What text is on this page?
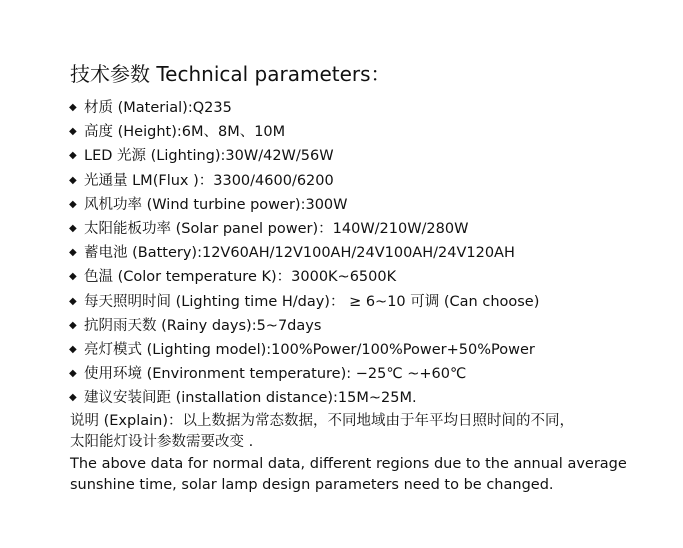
技术参数 Technical parameters：
◆ 材质 (Material):Q235
◆ 高度 (Height):6M、8M、10M
◆ LED 光源 (Lighting):30W/42W/56W
◆ 光通量 LM(Flux )：3300/4600/6200
◆ 风机功率 (Wind turbine power):300W
◆ 太阳能板功率 (Solar panel power)：140W/210W/280W
◆ 蓄电池 (Battery):12V60AH/12V100AH/24V100AH/24V120AH
◆ 色温 (Color temperature K)：3000K~6500K
◆ 每天照明时间 (Lighting time H/day)： ≥ 6~10 可调 (Can choose)
◆ 抗阴雨天数 (Rainy days):5~7days
◆ 亮灯模式 (Lighting model):100%Power/100%Power+50%Power
◆ 使用环境 (Environment temperature): −25℃ ~+60℃
◆ 建议安装间距 (installation distance):15M~25M.
说明 (Explain)：以上数据为常态数据，不同地域由于年平均日照时间的不同，
太阳能灯设计参数需要改变 .
The above data for normal data, different regions due to the annual average
sunshine time, solar lamp design parameters need to be changed.
